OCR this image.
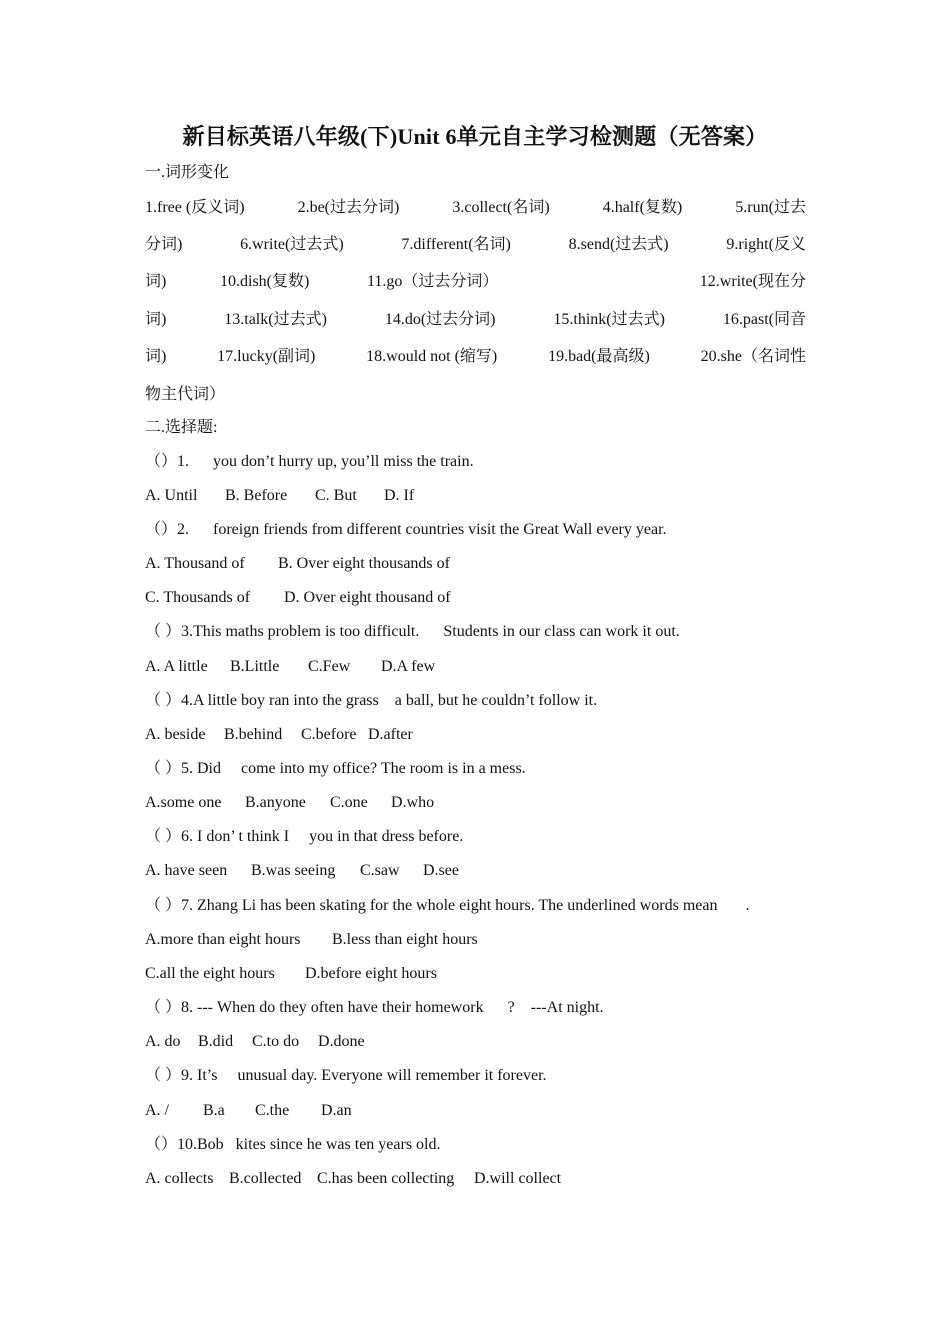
新目标英语八年级(下)Unit 6单元自主学习检测题（无答案）
一.词形变化
1.free (反义词)	2.be(过去分词)	3.collect(名词)	4.half(复数)	5.run(过去
分词)	6.write(过去式)	7.different(名词)	8.send(过去式)	9.right(反义
词)	10.dish(复数)	11.go（过去分词）	12.write(现在分
词)	13.talk(过去式)	14.do(过去分词)	15.think(过去式)	16.past(同音
词)	17.lucky(副词)	18.would not (缩写)	19.bad(最高级)	20.she（名词性
物主代词）
二.选择题:
（）1.      you don’t hurry up, you’ll miss the train.
A. Until B. Before C. But D. If
（）2.      foreign friends from different countries visit the Great Wall every year.
A. Thousand of B. Over eight thousands of
C. Thousands of D. Over eight thousand of
（ ）3.This maths problem is too difficult.      Students in our class can work it out.
A. A little B.Little C.Few D.A few
（ ）4.A little boy ran into the grass    a ball, but he couldn’t follow it.
A. beside B.behind C.before D.after
（ ）5. Did     come into my office? The room is in a mess.
A.some one B.anyone C.one D.who
（ ）6. I don’ t think I     you in that dress before.
A. have seen B.was seeing C.saw D.see
（ ）7. Zhang Li has been skating for the whole eight hours. The underlined words mean       .
A.more than eight hours B.less than eight hours
C.all the eight hours D.before eight hours
（ ）8. --- When do they often have their homework      ?    ---At night.
A. do B.did C.to do D.done
（ ）9. It’s     unusual day. Everyone will remember it forever.
A. / B.a C.the D.an
（）10.Bob   kites since he was ten years old.
A. collects B.collected C.has been collecting D.will collect
